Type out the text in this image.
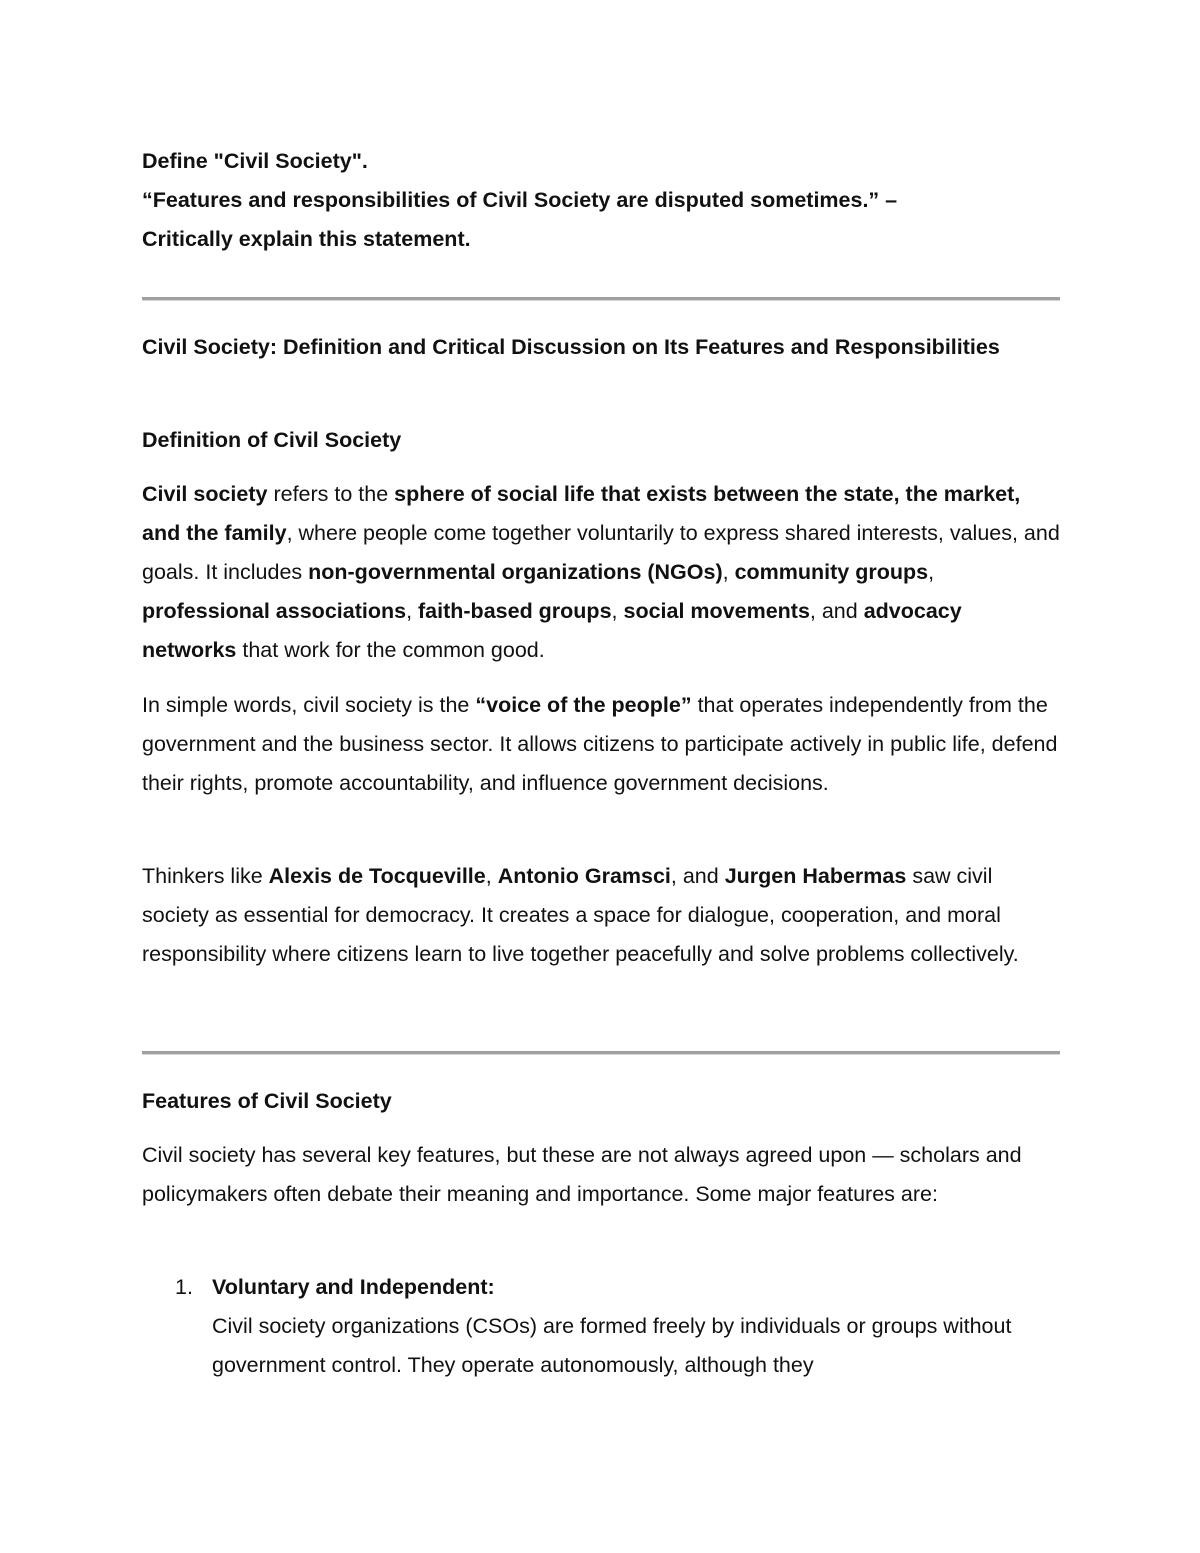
Define "Civil Society".
“Features and responsibilities of Civil Society are disputed sometimes.” –
Critically explain this statement.
Civil Society: Definition and Critical Discussion on Its Features and Responsibilities
Definition of Civil Society

Civil society refers to the sphere of social life that exists between the state, the market, and the family, where people come together voluntarily to express shared interests, values, and goals. It includes non-governmental organizations (NGOs), community groups, professional associations, faith-based groups, social movements, and advocacy networks that work for the common good.

In simple words, civil society is the “voice of the people” that operates independently from the government and the business sector. It allows citizens to participate actively in public life, defend their rights, promote accountability, and influence government decisions.

Thinkers like Alexis de Tocqueville, Antonio Gramsci, and Jurgen Habermas saw civil society as essential for democracy. It creates a space for dialogue, cooperation, and moral responsibility where citizens learn to live together peacefully and solve problems collectively.

Features of Civil Society

Civil society has several key features, but these are not always agreed upon — scholars and policymakers often debate their meaning and importance. Some major features are:

1. Voluntary and Independent:
Civil society organizations (CSOs) are formed freely by individuals or groups without government control. They operate autonomously, although they
